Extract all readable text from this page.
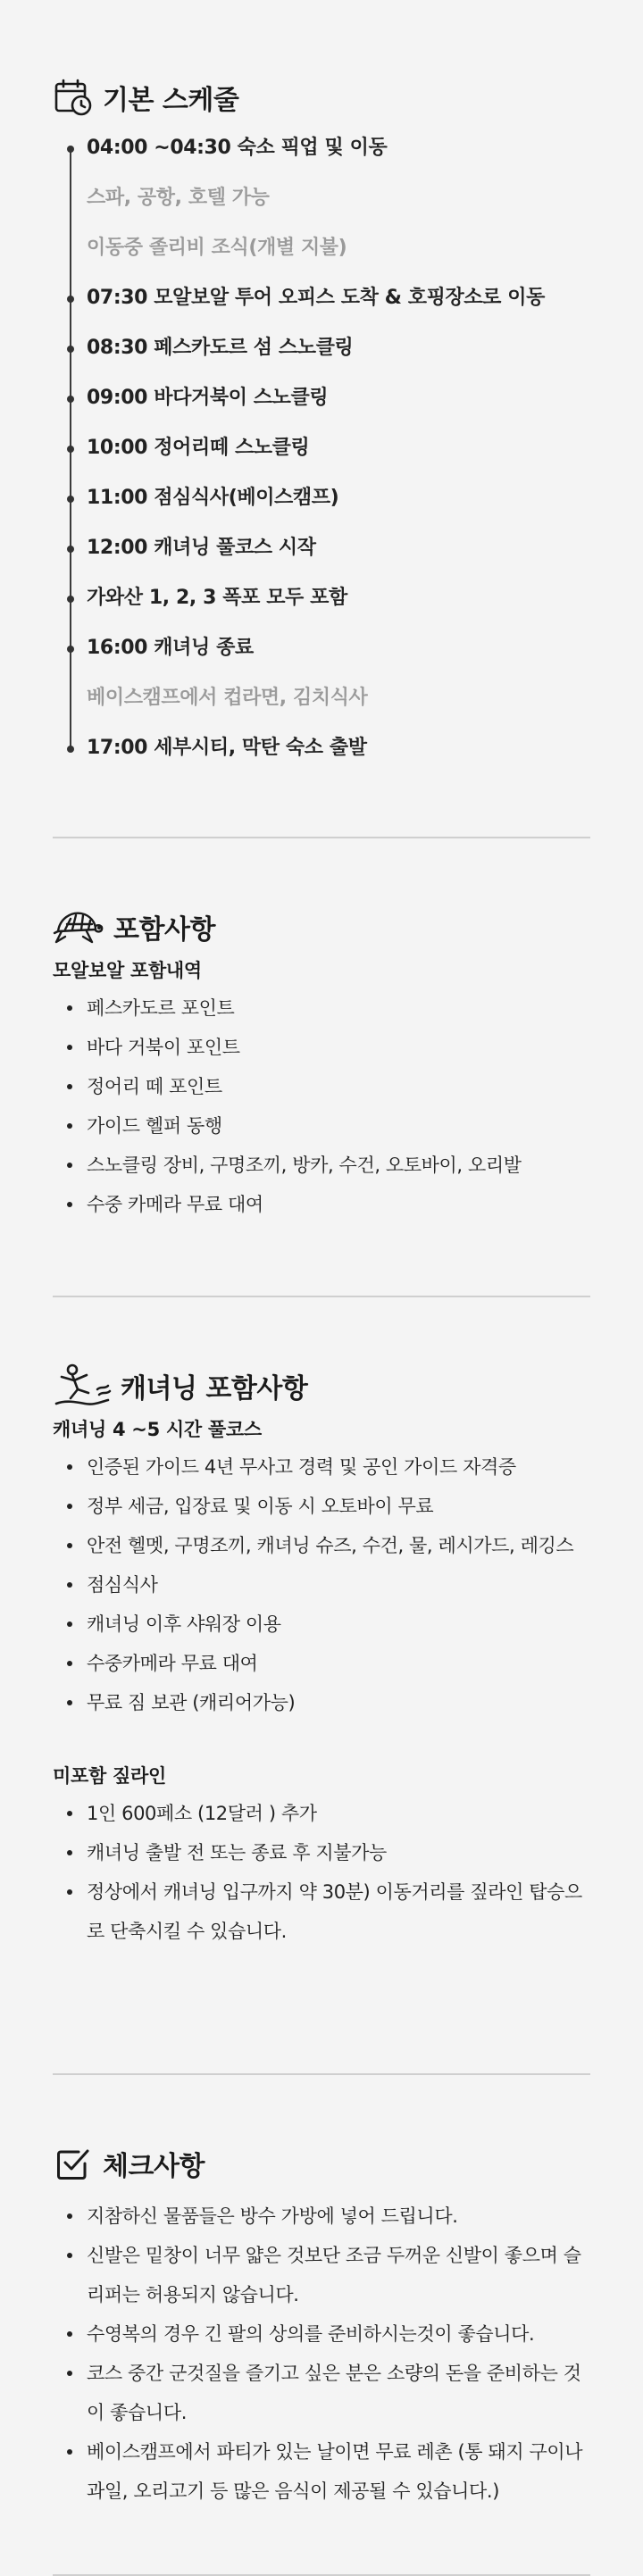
기본 스케줄
04:00 ~04:30 숙소 픽업 및 이동
스파, 공항, 호텔 가능
이동중 졸리비 조식(개별 지불)
07:30 모알보알 투어 오피스 도착 & 호핑장소로 이동
08:30 페스카도르 섬 스노클링
09:00 바다거북이 스노클링
10:00 정어리떼 스노클링
11:00 점심식사(베이스캠프)
12:00 캐녀닝 풀코스 시작
가와산 1, 2, 3 폭포 모두 포함
16:00 캐녀닝 종료
베이스캠프에서 컵라면, 김치식사
17:00 세부시티, 막탄 숙소 출발
포함사항
모알보알 포함내역
페스카도르 포인트
바다 거북이 포인트
정어리 떼 포인트
가이드 헬퍼 동행
스노클링 장비, 구명조끼, 방카, 수건, 오토바이, 오리발
수중 카메라 무료 대여
캐녀닝 포함사항
캐녀닝 4 ~5 시간 풀코스
인증된 가이드 4년 무사고 경력 및 공인 가이드 자격증
정부 세금, 입장료 및 이동 시 오토바이 무료
안전 헬멧, 구명조끼, 캐녀닝 슈즈, 수건, 물, 레시가드, 레깅스
점심식사
캐녀닝 이후 샤워장 이용
수중카메라 무료 대여
무료 짐 보관 (캐리어가능)
미포함 짚라인
1인 600페소 (12달러 ) 추가
캐녀닝 출발 전 또는 종료 후 지불가능
정상에서 캐녀닝 입구까지 약 30분) 이동거리를 짚라인 탑승으로 단축시킬 수 있습니다.
체크사항
지참하신 물품들은 방수 가방에 넣어 드립니다.
신발은 밑창이 너무 얇은 것보단 조금 두꺼운 신발이 좋으며 슬리퍼는 허용되지 않습니다.
수영복의 경우 긴 팔의 상의를 준비하시는것이 좋습니다.
코스 중간 군것질을 즐기고 싶은 분은 소량의 돈을 준비하는 것이 좋습니다.
베이스캠프에서 파티가 있는 날이면 무료 레촌 (통 돼지 구이나 과일, 오리고기 등 많은 음식이 제공될 수 있습니다.)
